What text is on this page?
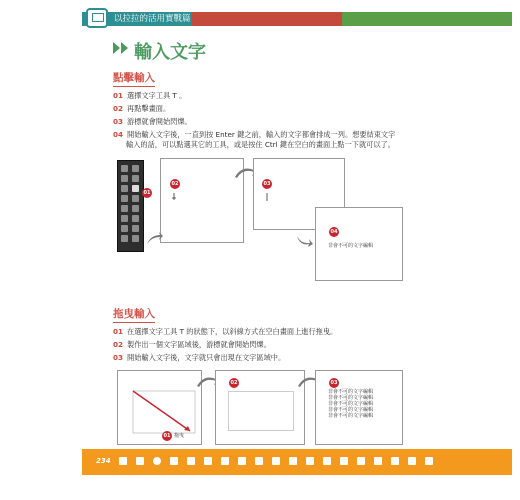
以拉拉的活用實戰篇
輸入文字
點擊輸入
01 選擇文字工具 T 。
02 再點擊畫面。
03 游標就會開始閃爍。
04 開始輸入文字後，一直到按 Enter 鍵之前，輸入的文字都會排成一列。想要結束文字
輸入的話，可以點選其它的工具，或是按住 Ctrl 鍵在空白的畫面上點一下就可以了。
01
02	03
04
非會不可的文字編輯
拖曳輸入
01 在選擇文字工具 T 的狀態下，以斜線方式在空白畫面上進行拖曳。
02 製作出一個文字區域後，游標就會開始閃爍。
03 開始輸入文字後，文字就只會出現在文字區域中。
01 拖曳
02	03
非會不可的文字編輯非會不可的文字編輯非會不可的文字編輯非會不可的文字編輯非會不可的文字編輯
234
